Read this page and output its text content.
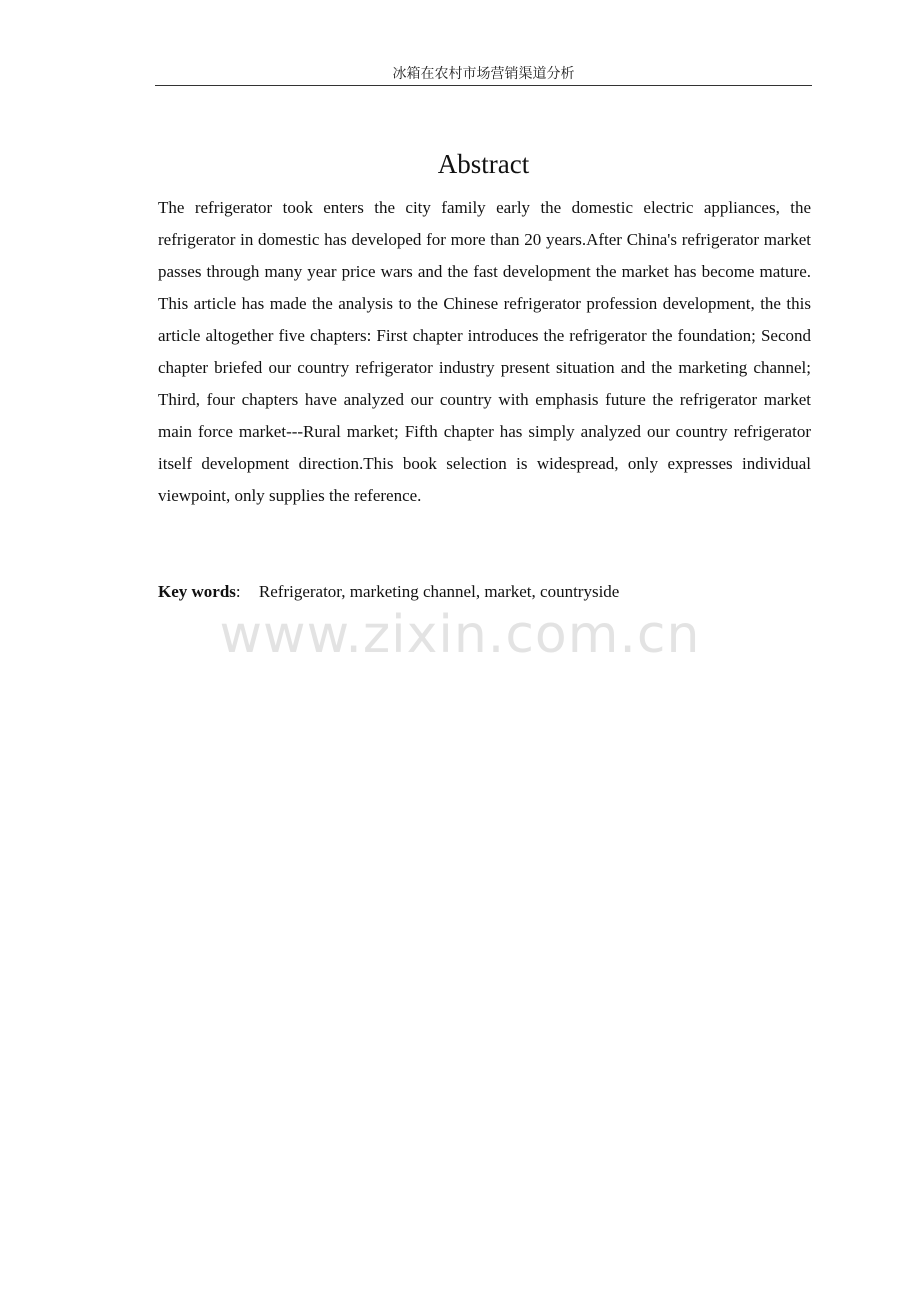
冰箱在农村市场营销渠道分析
Abstract

The refrigerator took enters the city family early the domestic electric appliances, the refrigerator in domestic has developed for more than 20 years.After China's refrigerator market passes through many year price wars and the fast development the market has become mature. This article has made the analysis to the Chinese refrigerator profession development, the this article altogether five chapters: First chapter introduces the refrigerator the foundation; Second chapter briefed our country refrigerator industry present situation and the marketing channel; Third, four chapters have analyzed our country with emphasis future the refrigerator market main force market---Rural market; Fifth chapter has simply analyzed our country refrigerator itself development direction.This book selection is widespread, only expresses individual viewpoint, only supplies the reference.

Key words: Refrigerator, marketing channel, market, countryside

www.zixin.com.cn
